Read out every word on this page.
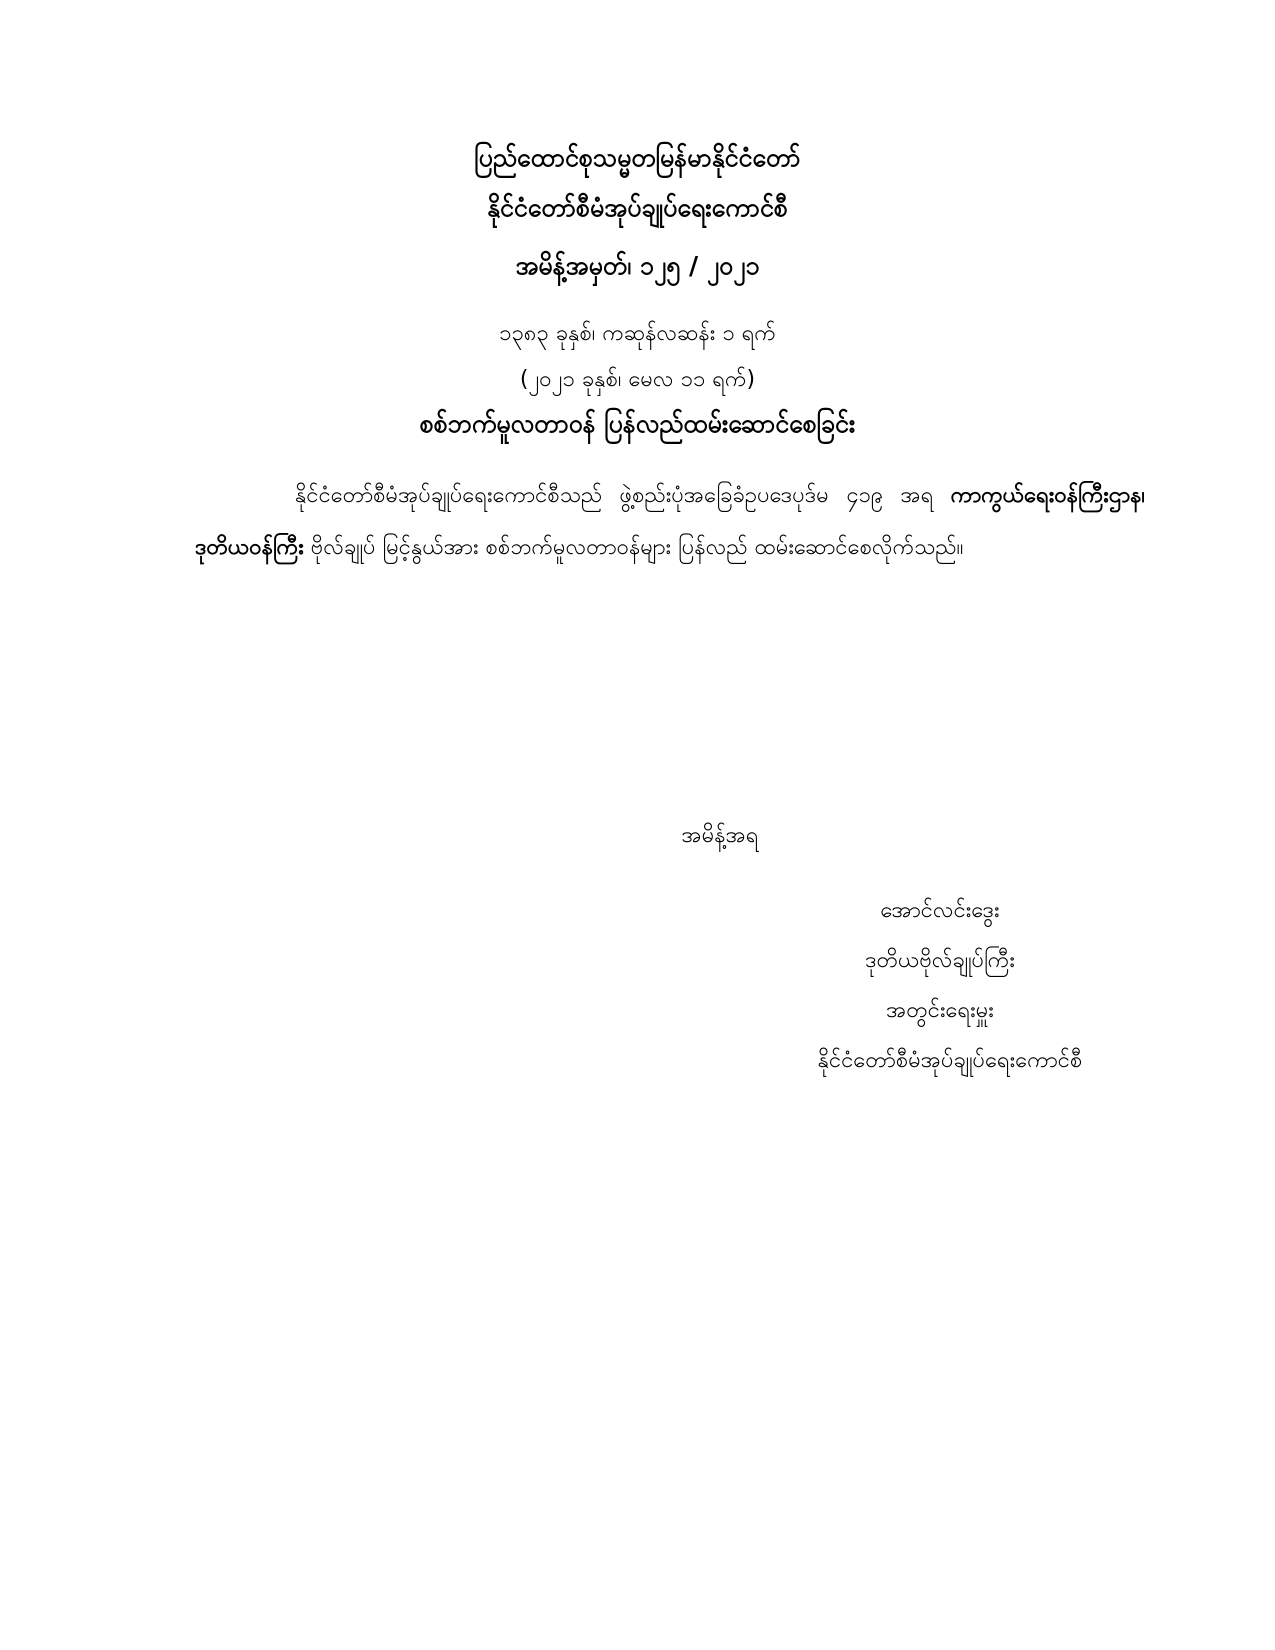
ပြည်ထောင်စုသမ္မတမြန်မာနိုင်ငံတော်
နိုင်ငံတော်စီမံအုပ်ချုပ်ရေးကောင်စီ
အမိန့်အမှတ်၊ ၁၂၅ / ၂၀၂၁
၁၃၈၃ ခုနှစ်၊ ကဆုန်လဆန်း ၁ ရက်
(၂၀၂၁ ခုနှစ်၊ မေလ ၁၁ ရက်)
စစ်ဘက်မူလတာဝန် ပြန်လည်ထမ်းဆောင်စေခြင်း
နိုင်ငံတော်စီမံအုပ်ချုပ်ရေးကောင်စီသည် ဖွဲ့စည်းပုံအခြေခံဥပဒေပုဒ်မ ၄၁၉ အရ ကာကွယ်ရေးဝန်ကြီးဌာန၊ ဒုတိယဝန်ကြီး ဗိုလ်ချုပ် မြင့်နွယ်အား စစ်ဘက်မူလတာဝန်များ ပြန်လည် ထမ်းဆောင်စေလိုက်သည်။
အမိန့်အရ
အောင်လင်းဒွေး
ဒုတိယဗိုလ်ချုပ်ကြီး
အတွင်းရေးမှူး
နိုင်ငံတော်စီမံအုပ်ချုပ်ရေးကောင်စီ
